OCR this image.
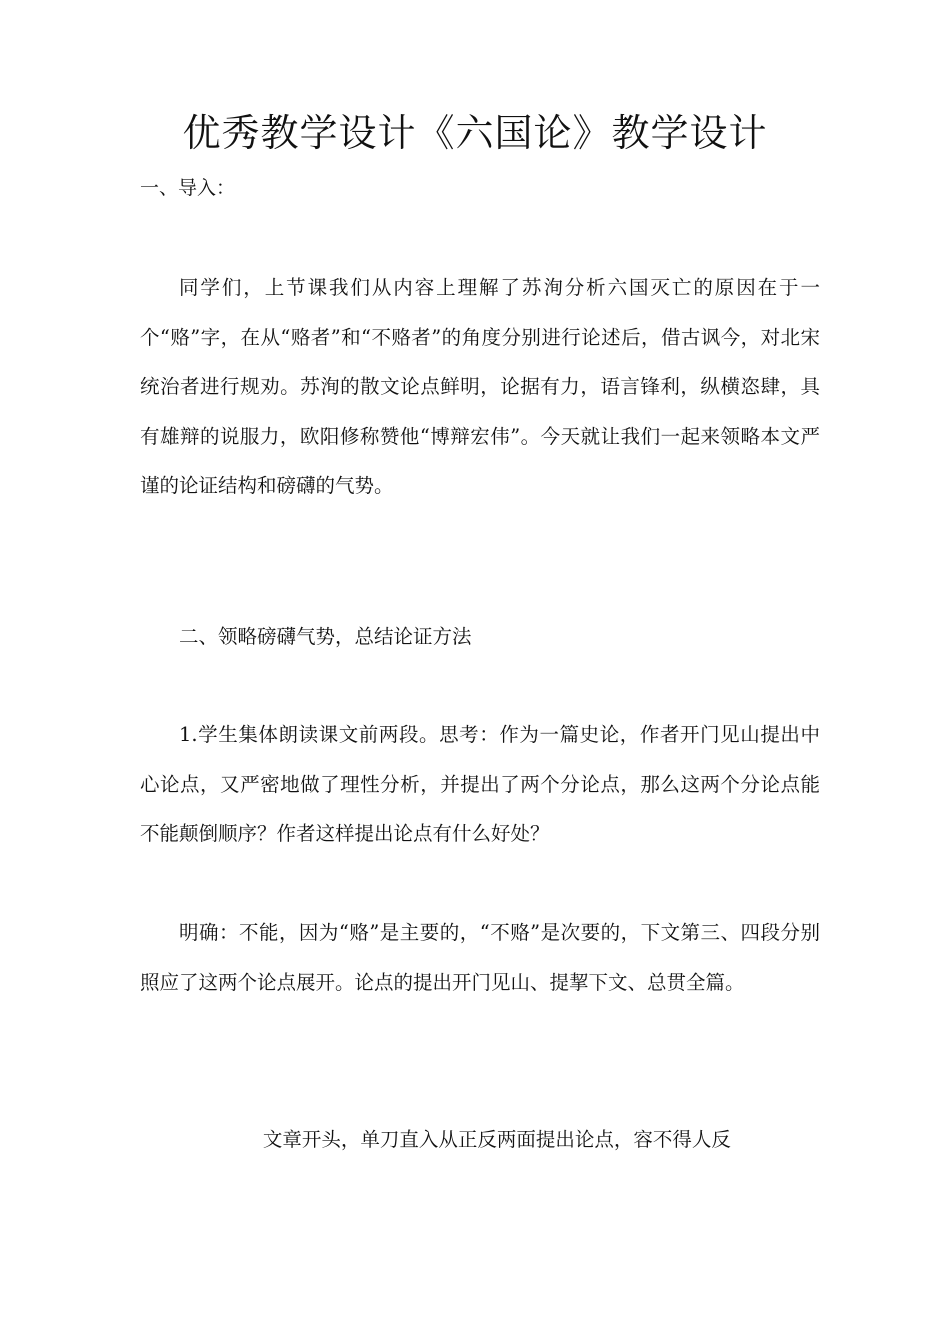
优秀教学设计《六国论》教学设计
一、导入：

同学们，上节课我们从内容上理解了苏洵分析六国灭亡的原因在于一个“赂”字，在从“赂者”和“不赂者”的角度分别进行论述后，借古讽今，对北宋统治者进行规劝。苏洵的散文论点鲜明，论据有力，语言锋利，纵横恣肆，具有雄辩的说服力，欧阳修称赞他“博辩宏伟”。今天就让我们一起来领略本文严谨的论证结构和磅礴的气势。

二、领略磅礴气势，总结论证方法

1.学生集体朗读课文前两段。思考：作为一篇史论，作者开门见山提出中心论点，又严密地做了理性分析，并提出了两个分论点，那么这两个分论点能不能颠倒顺序？作者这样提出论点有什么好处？

明确：不能，因为“赂”是主要的，“不赂”是次要的，下文第三、四段分别照应了这两个论点展开。论点的提出开门见山、提挈下文、总贯全篇。

文章开头，单刀直入从正反两面提出论点，容不得人反
